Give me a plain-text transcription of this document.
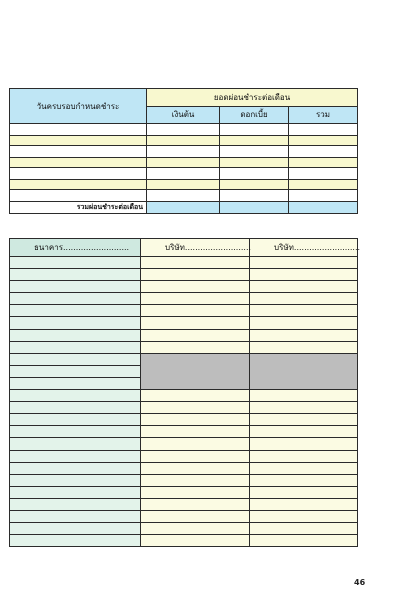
วันครบรอบกำหนดชำระ	ยอดผ่อนชำระต่อเดือน		
	เงินต้น	ดอกเบี้ย	รวม

รวมผ่อนชำระต่อเดือน			
ธนาคาร..........................	บริษัท..........................	บริษัท..........................

46
